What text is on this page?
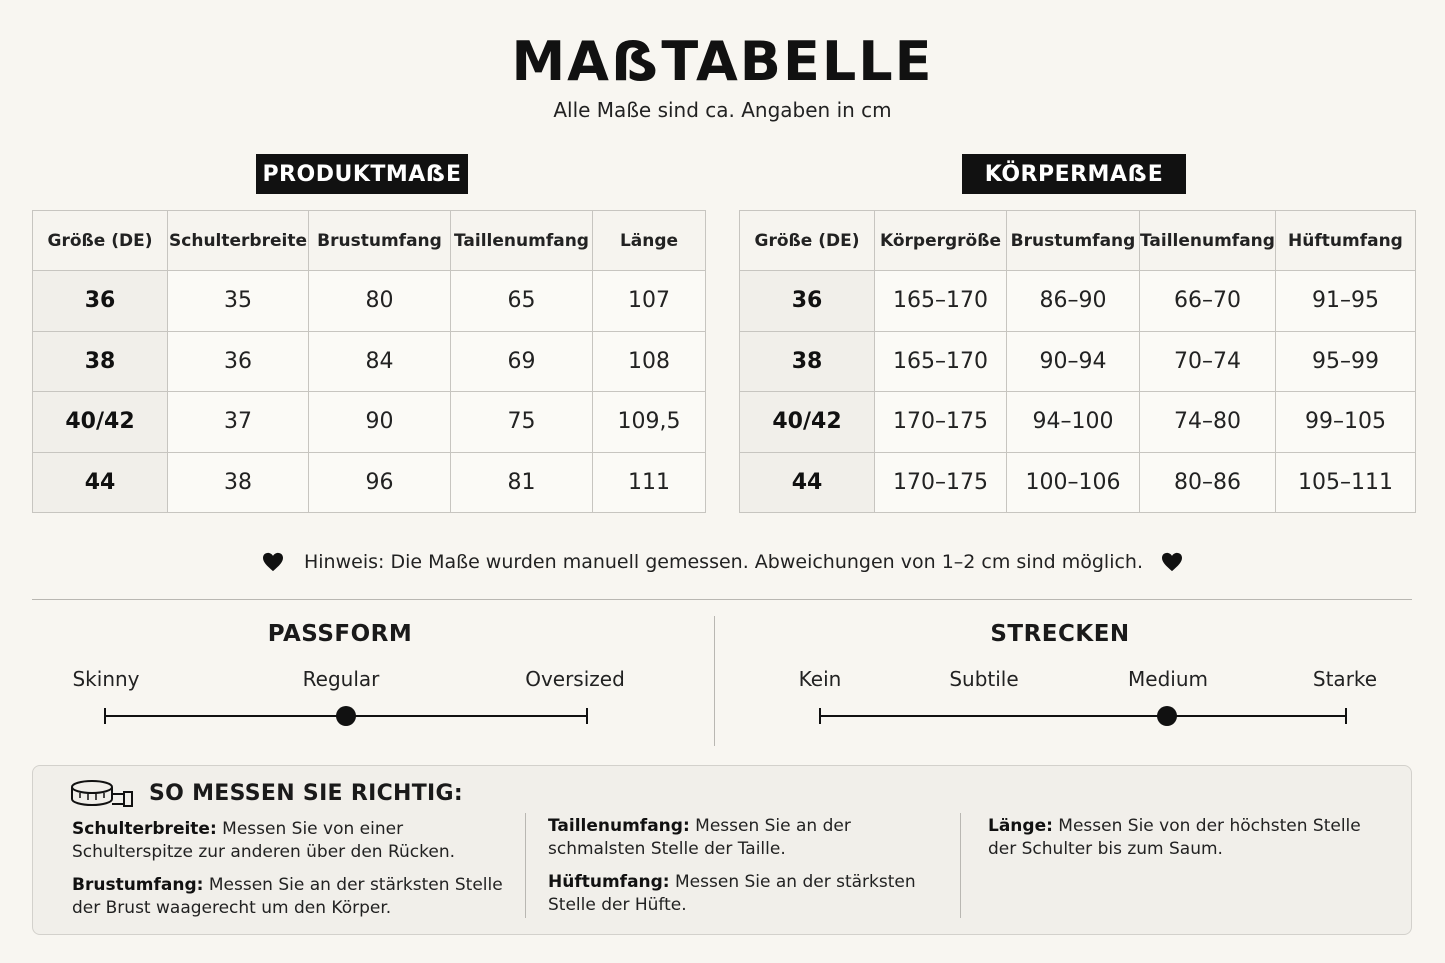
MAẞTABELLE
Alle Maße sind ca. Angaben in cm
PRODUKTMAẞE	KÖRPERMAẞE
Größe (DE)	Schulterbreite	Brustumfang	Taillenumfang	Länge
36	35	80	65	107
38	36	84	69	108
40/42	37	90	75	109,5
44	38	96	81	111
Größe (DE)	Körpergröße	Brustumfang	Taillenumfang	Hüftumfang
36	165–170	86–90	66–70	91–95
38	165–170	90–94	70–74	95–99
40/42	170–175	94–100	74–80	99–105
44	170–175	100–106	80–86	105–111
Hinweis: Die Maße wurden manuell gemessen. Abweichungen von 1–2 cm sind möglich.
PASSFORM
Skinny	Regular	Oversized
STRECKEN
Kein	Subtile	Medium	Starke
SO MESSEN SIE RICHTIG:
Schulterbreite: Messen Sie von einer Schulterspitze zur anderen über den Rücken.
Brustumfang: Messen Sie an der stärksten Stelle der Brust waagerecht um den Körper.
Taillenumfang: Messen Sie an der schmalsten Stelle der Taille.
Hüftumfang: Messen Sie an der stärksten Stelle der Hüfte.
Länge: Messen Sie von der höchsten Stelle der Schulter bis zum Saum.
